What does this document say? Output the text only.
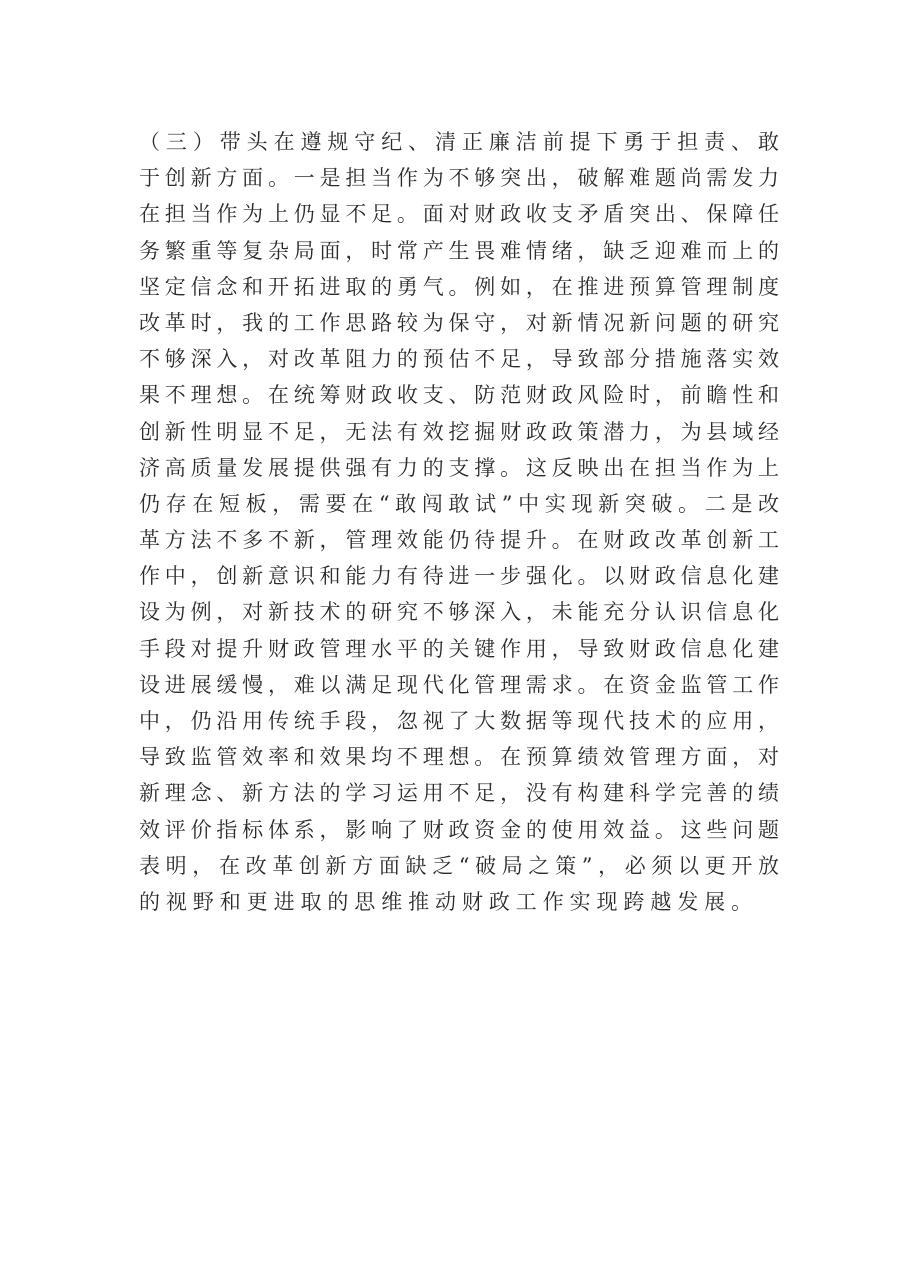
（三）带头在遵规守纪、清正廉洁前提下勇于担责、敢
于创新方面。一是担当作为不够突出，破解难题尚需发力
在担当作为上仍显不足。面对财政收支矛盾突出、保障任
务繁重等复杂局面，时常产生畏难情绪，缺乏迎难而上的
坚定信念和开拓进取的勇气。例如，在推进预算管理制度
改革时，我的工作思路较为保守，对新情况新问题的研究
不够深入，对改革阻力的预估不足，导致部分措施落实效
果不理想。在统筹财政收支、防范财政风险时，前瞻性和
创新性明显不足，无法有效挖掘财政政策潜力，为县域经
济高质量发展提供强有力的支撑。这反映出在担当作为上
仍存在短板，需要在“敢闯敢试”中实现新突破。二是改
革方法不多不新，管理效能仍待提升。在财政改革创新工
作中，创新意识和能力有待进一步强化。以财政信息化建
设为例，对新技术的研究不够深入，未能充分认识信息化
手段对提升财政管理水平的关键作用，导致财政信息化建
设进展缓慢，难以满足现代化管理需求。在资金监管工作
中，仍沿用传统手段，忽视了大数据等现代技术的应用，
导致监管效率和效果均不理想。在预算绩效管理方面，对
新理念、新方法的学习运用不足，没有构建科学完善的绩
效评价指标体系，影响了财政资金的使用效益。这些问题
表明，在改革创新方面缺乏“破局之策”，必须以更开放
的视野和更进取的思维推动财政工作实现跨越发展。
